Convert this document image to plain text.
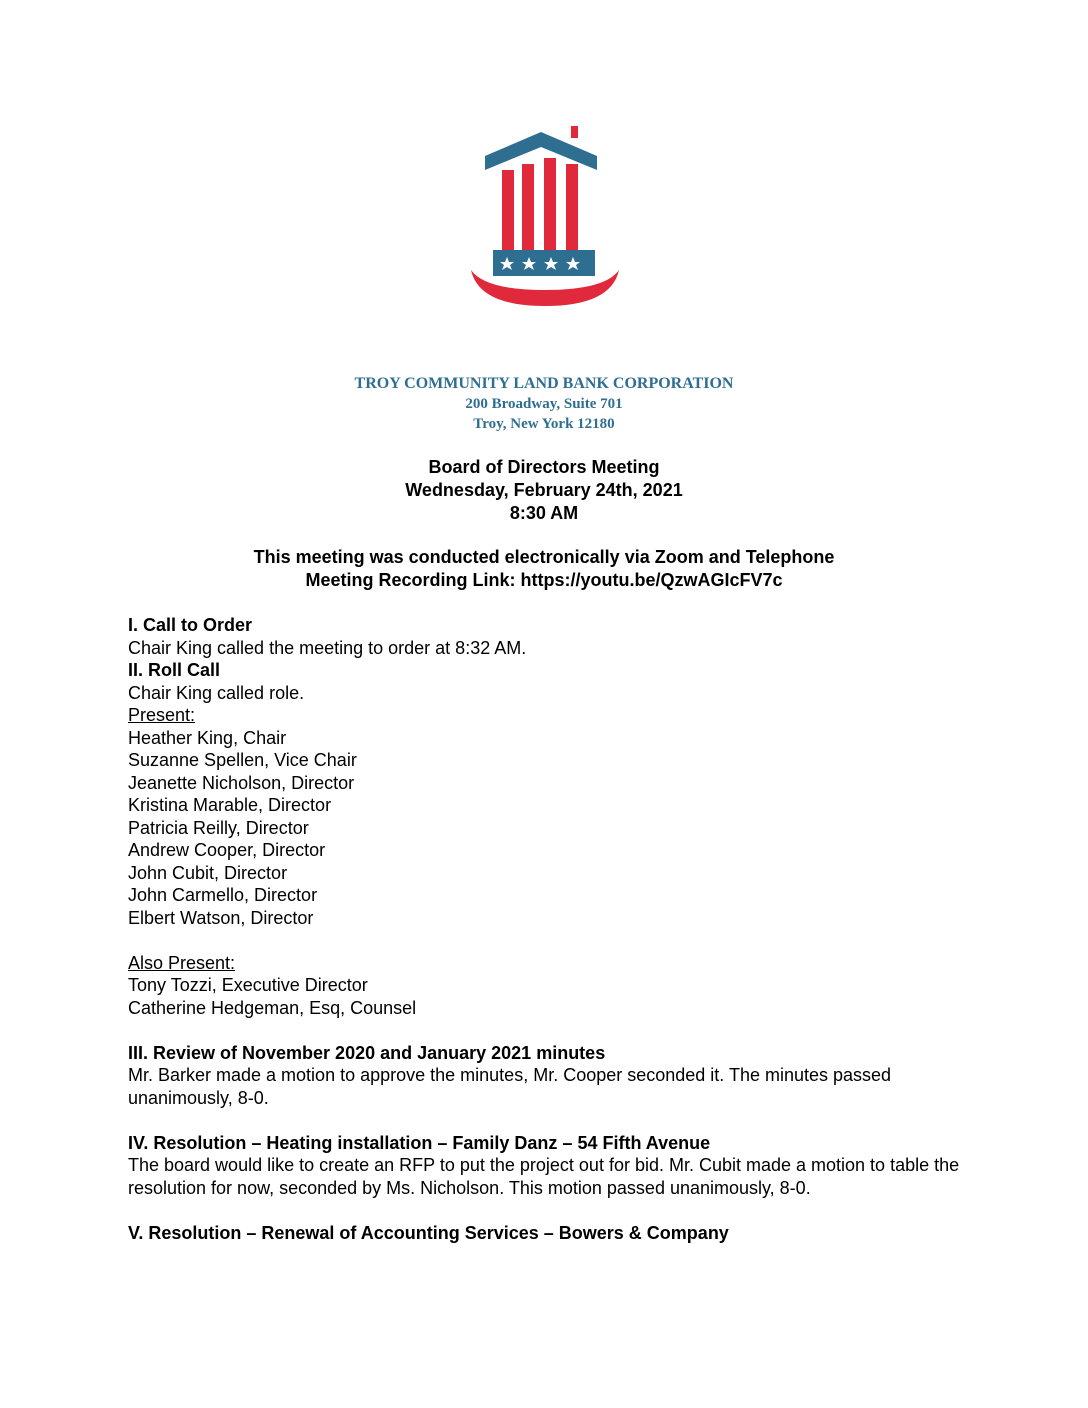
TROY COMMUNITY LAND BANK CORPORATION
200 Broadway, Suite 701
Troy, New York 12180
Board of Directors Meeting
Wednesday, February 24th, 2021
8:30 AM
This meeting was conducted electronically via Zoom and Telephone
Meeting Recording Link: https://youtu.be/QzwAGIcFV7c

I. Call to Order

Chair King called the meeting to order at 8:32 AM.

II. Roll Call

Chair King called role.

Present:

Heather King, Chair

Suzanne Spellen, Vice Chair

Jeanette Nicholson, Director

Kristina Marable, Director

Patricia Reilly, Director

Andrew Cooper, Director

John Cubit, Director

John Carmello, Director

Elbert Watson, Director

Also Present:

Tony Tozzi, Executive Director

Catherine Hedgeman, Esq, Counsel

III. Review of November 2020 and January 2021 minutes

Mr. Barker made a motion to approve the minutes, Mr. Cooper seconded it. The minutes passed unanimously, 8-0.

IV. Resolution – Heating installation – Family Danz – 54 Fifth Avenue

The board would like to create an RFP to put the project out for bid. Mr. Cubit made a motion to table the resolution for now, seconded by Ms. Nicholson. This motion passed unanimously, 8-0.

V. Resolution – Renewal of Accounting Services – Bowers & Company
